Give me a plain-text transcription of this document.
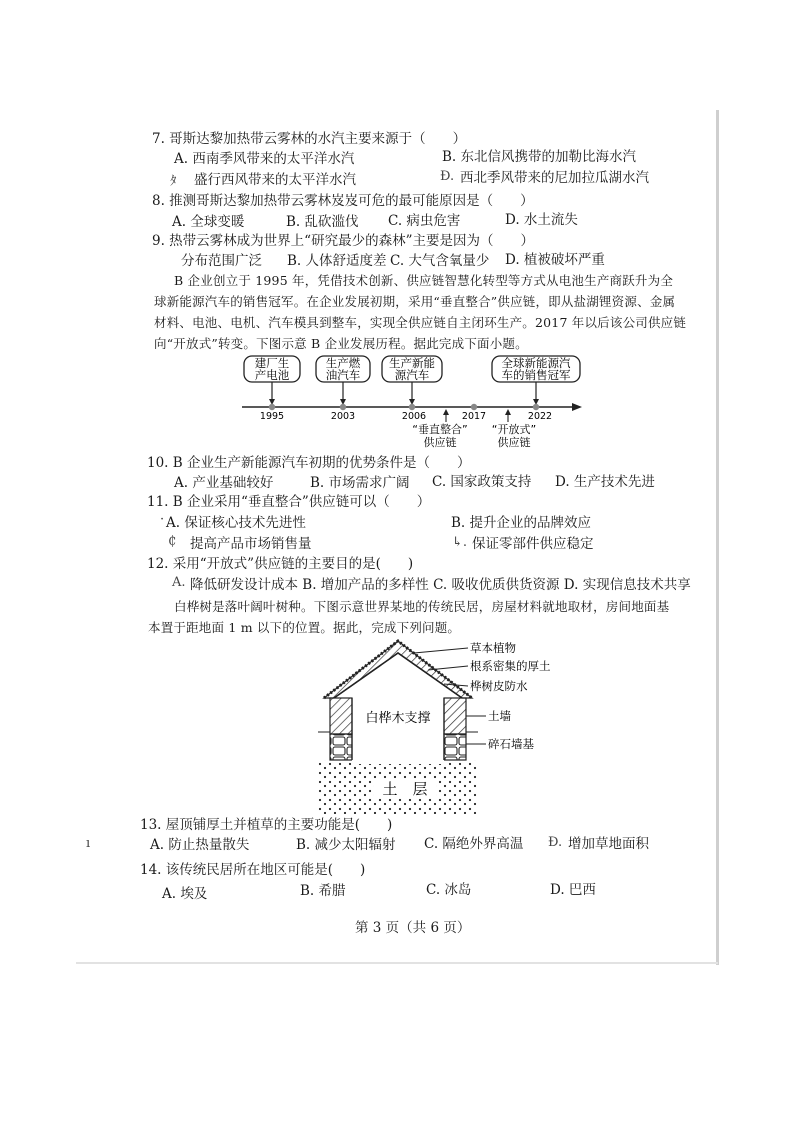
7. 哥斯达黎加热带云雾林的水汽主要来源于（　　）
A. 西南季风带来的太平洋水汽	B. 东北信风携带的加勒比海水汽
ﾀ 盛行西风带来的太平洋水汽	Ð. 西北季风带来的尼加拉瓜湖水汽
8. 推测哥斯达黎加热带云雾林岌岌可危的最可能原因是（　　）
A. 全球变暖	B. 乱砍滥伐 C. 病虫危害	D. 水土流失
9. 热带云雾林成为世界上“研究最少的森林”主要是因为（　　）
分布范围广泛 B. 人体舒适度差 C. 大气含氧量少 D. 植被破坏严重
B 企业创立于 1995 年，凭借技术创新、供应链智慧化转型等方式从电池生产商跃升为全
球新能源汽车的销售冠军。在企业发展初期，采用“垂直整合”供应链，即从盐湖锂资源、金属
材料、电池、电机、汽车模具到整车，实现全供应链自主闭环生产。2017 年以后该公司供应链
向“开放式”转变。下图示意 B 企业发展历程。据此完成下面小题。
建厂生
产电池
1995
生产燃
油汽车
2003
生产新能
源汽车
2006	2017
全球新能源汽
车的销售冠军
2022
“垂直整合”
供应链
“开放式”
供应链
10. B 企业生产新能源汽车初期的优势条件是（　　）
A. 产业基础较好	B. 市场需求广阔 C. 国家政策支持 D. 生产技术先进
11. B 企业采用“垂直整合”供应链可以（　　）
· A. 保证核心技术先进性	B. 提升企业的品牌效应
₵ 提高产品市场销售量	↳. 保证零部件供应稳定
12. 采用“开放式”供应链的主要目的是(　　)
A. 降低研发设计成本 B. 增加产品的多样性 C. 吸收优质供货资源 D. 实现信息技术共享
白桦树是落叶阔叶树种。下图示意世界某地的传统民居，房屋材料就地取材，房间地面基
本置于距地面 1 m 以下的位置。据此，完成下列问题。
土　层
白桦木支撑
草本植物
根系密集的厚土
桦树皮防水
土墙
碎石墙基
13. 屋顶铺厚土并植草的主要功能是(　　)
ı	A. 防止热量散失	B. 减少太阳辐射 C. 隔绝外界高温 Ð. 增加草地面积
14. 该传统民居所在地区可能是(　　)
A. 埃及	B. 希腊	C. 冰岛	D. 巴西
第 3 页（共 6 页）
